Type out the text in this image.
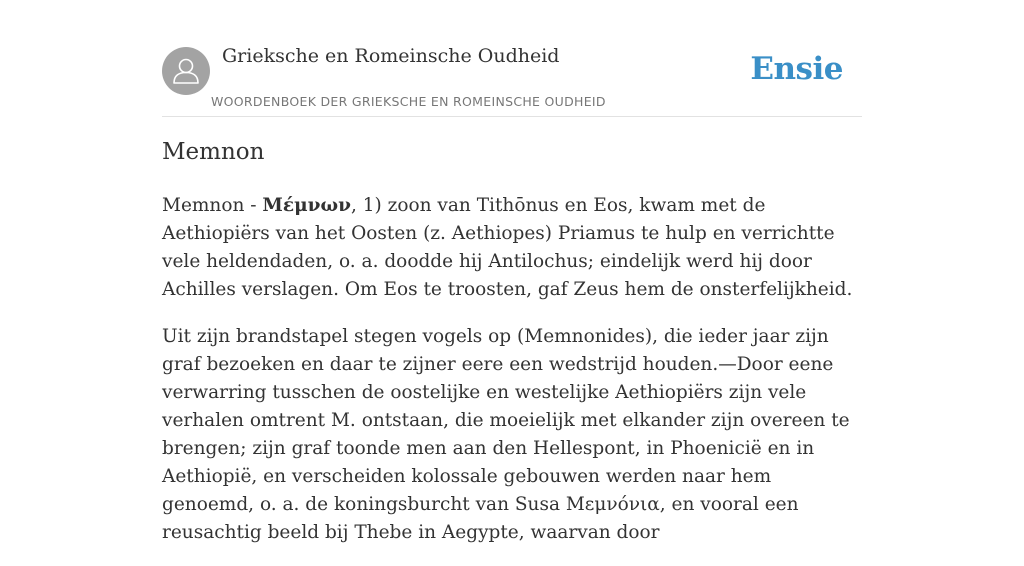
Grieksche en Romeinsche Oudheid
WOORDENBOEK DER GRIEKSCHE EN ROMEINSCHE OUDHEID
Ensie
Memnon

Memnon - Μέμνων, 1) zoon van Tithōnus en Eos, kwam met de Aethiopiërs van het Oosten (z. Aethiopes) Priamus te hulp en verrichtte vele heldendaden, o. a. doodde hij Antilochus; eindelijk werd hij door Achilles verslagen. Om Eos te troosten, gaf Zeus hem de onsterfelijkheid.

Uit zijn brandstapel stegen vogels op (Memnonides), die ieder jaar zijn graf bezoeken en daar te zijner eere een wedstrijd houden.—Door eene verwarring tusschen de oostelijke en westelijke Aethiopiërs zijn vele verhalen omtrent M. ontstaan, die moeielijk met elkander zijn overeen te brengen; zijn graf toonde men aan den Hellespont, in Phoenicië en in Aethiopië, en verscheiden kolossale gebouwen werden naar hem genoemd, o. a. de koningsburcht van Susa Μεμνόνια, en vooral een reusachtig beeld bij Thebe in Aegypte, waarvan door
